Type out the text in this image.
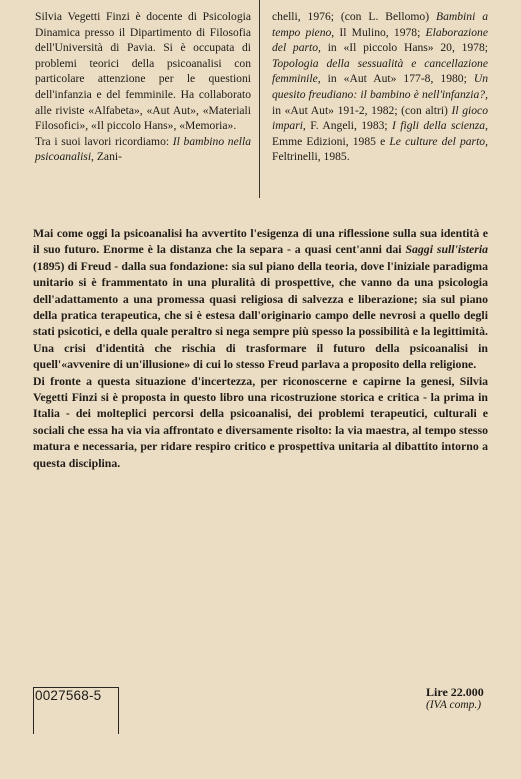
Silvia Vegetti Finzi è docente di Psicologia Dinamica presso il Dipartimento di Filosofia dell'Università di Pavia. Si è occupata di problemi teorici della psicoanalisi con particolare attenzione per le questioni dell'infanzia e del femminile. Ha collaborato alle riviste «Alfabeta», «Aut Aut», «Materiali Filosofici», «Il piccolo Hans», «Memoria».

Tra i suoi lavori ricordiamo: Il bambino nella psicoanalisi, Zani-

chelli, 1976; (con L. Bellomo) Bambini a tempo pieno, Il Mulino, 1978; Elaborazione del parto, in «Il piccolo Hans» 20, 1978; Topologia della sessualità e cancellazione femminile, in «Aut Aut» 177-8, 1980; Un quesito freudiano: il bambino è nell'infanzia?, in «Aut Aut» 191-2, 1982; (con altri) Il gioco impari, F. Angeli, 1983; I figli della scienza, Emme Edizioni, 1985 e Le culture del parto, Feltrinelli, 1985.

Mai come oggi la psicoanalisi ha avvertito l'esigenza di una riflessione sulla sua identità e il suo futuro. Enorme è la distanza che la separa - a quasi cent'anni dai Saggi sull'isteria (1895) di Freud - dalla sua fondazione: sia sul piano della teoria, dove l'iniziale paradigma unitario si è frammentato in una pluralità di prospettive, che vanno da una psicologia dell'adattamento a una promessa quasi religiosa di salvezza e liberazione; sia sul piano della pratica terapeutica, che si è estesa dall'originario campo delle nevrosi a quello degli stati psicotici, e della quale peraltro si nega sempre più spesso la possibilità e la legittimità. Una crisi d'identità che rischia di trasformare il futuro della psicoanalisi in quell'«avvenire di un'illusione» di cui lo stesso Freud parlava a proposito della religione.

Di fronte a questa situazione d'incertezza, per riconoscerne e capirne la genesi, Silvia Vegetti Finzi si è proposta in questo libro una ricostruzione storica e critica - la prima in Italia - dei molteplici percorsi della psicoanalisi, dei problemi terapeutici, culturali e sociali che essa ha via via affrontato e diversamente risolto: la via maestra, al tempo stesso matura e necessaria, per ridare respiro critico e prospettiva unitaria al dibattito intorno a questa disciplina.

0027568-5	Lire 22.000
(IVA comp.)
